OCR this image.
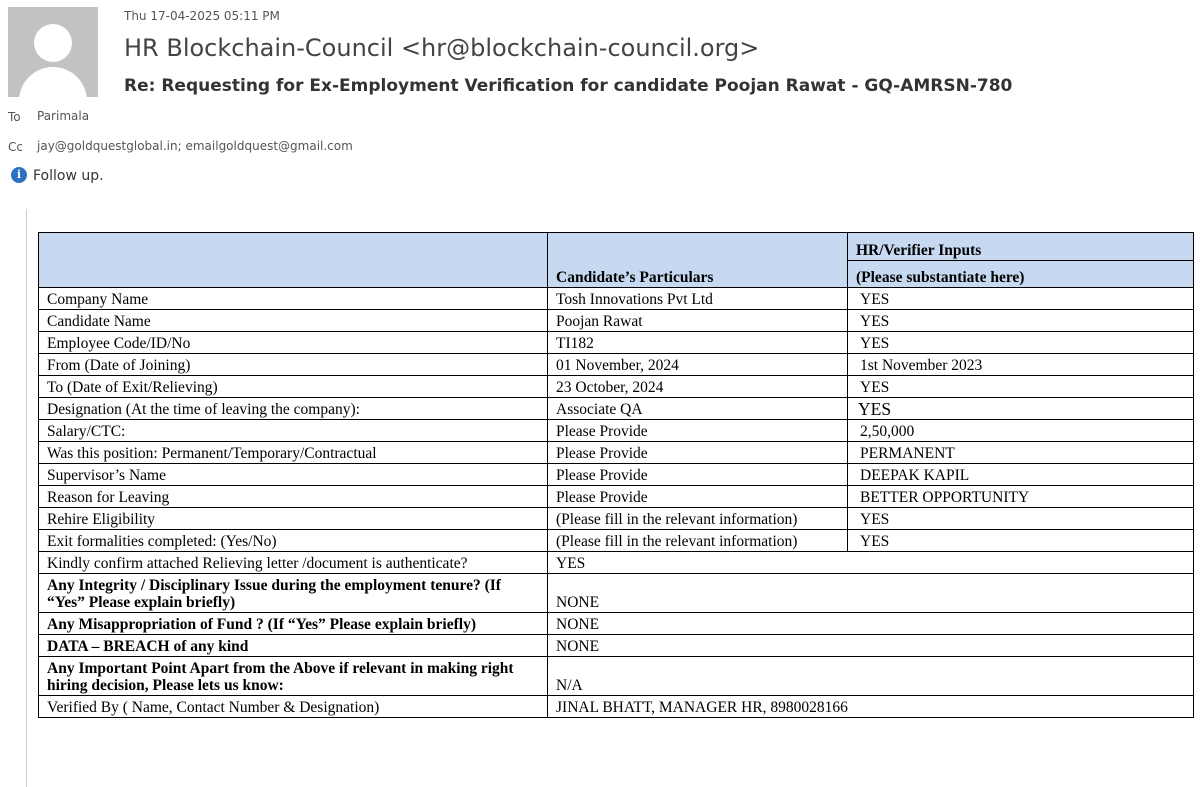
Thu 17-04-2025 05:11 PM
HR Blockchain-Council <hr@blockchain-council.org>
Re: Requesting for Ex-Employment Verification for candidate Poojan Rawat - GQ-AMRSN-780
To Parimala
Cc jay@goldquestglobal.in; emailgoldquest@gmail.com
i Follow up.
	Candidate’s Particulars	HR/Verifier Inputs
		(Please substantiate here)
Company Name	Tosh Innovations Pvt Ltd	YES
Candidate Name	Poojan Rawat	YES
Employee Code/ID/No	TI182	YES
From (Date of Joining)	01 November, 2024	1st November 2023
To (Date of Exit/Relieving)	23 October, 2024	YES
Designation (At the time of leaving the company):	Associate QA	YES
Salary/CTC:	Please Provide	2,50,000
Was this position: Permanent/Temporary/Contractual	Please Provide	PERMANENT
Supervisor’s Name	Please Provide	DEEPAK KAPIL
Reason for Leaving	Please Provide	BETTER OPPORTUNITY
Rehire Eligibility	(Please fill in the relevant information)	YES
Exit formalities completed: (Yes/No)	(Please fill in the relevant information)	YES
Kindly confirm attached Relieving letter /document is authenticate?	YES	
Any Integrity / Disciplinary Issue during the employment tenure? (If “Yes” Please explain briefly)	NONE	
Any Misappropriation of Fund ? (If “Yes” Please explain briefly)	NONE	
DATA – BREACH of any kind	NONE	
Any Important Point Apart from the Above if relevant in making right hiring decision, Please lets us know:	N/A	
Verified By ( Name, Contact Number & Designation)	JINAL BHATT, MANAGER HR, 8980028166	
